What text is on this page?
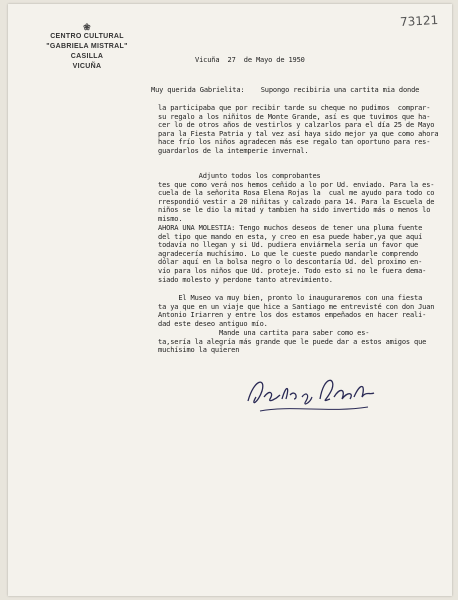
73121
❀
CENTRO CULTURAL
"GABRIELA MISTRAL"
CASILLA
VICUÑA
Vicuña  27  de Mayo de 1950
Muy querida Gabrielita:    Supongo recibiria una cartita mia donde
la participaba que por recibir tarde su cheque no pudimos  comprar-
su regalo a los niñitos de Monte Grande, así es que tuvimos que ha-
cer lo de otros años de vestirlos y calzarlos para el día 25 de Mayo
para la Fiesta Patria y tal vez así haya sido mejor ya que como ahora
hace frío los niños agradecen más ese regalo tan oportuno para res-
guardarlos de la intemperie invernal.
Adjunto todos los comprobantes
tes que como verá nos hemos ceñido a lo por Ud. enviado. Para la es-
cuela de la señorita Rosa Elena Rojas la  cual me ayudo para todo co
rrespondió vestir a 20 niñitas y calzado para 14. Para la Escuela de
niños se le dio la mitad y tambien ha sido invertido más o menos lo
mismo.
AHORA UNA MOLESTIA: Tengo muchos deseos de tener una pluma fuente
del tipo que mando en esta, y creo en esa puede haber,ya que aquí
todavía no llegan y si Ud. pudiera enviármela sería un favor que
agradecería muchísimo. Lo que le cueste puedo mandarle comprendo
dólar aquí en la bolsa negro o lo descontaría Ud. del proximo en-
vío para los niños que Ud. proteje. Todo esto si no le fuera dema-
siado molesto y perdone tanto atrevimiento.
El Museo va muy bien, pronto lo inauguraremos con una fiesta
ta ya que en un viaje que hice a Santiago me entrevisté con don Juan
Antonio Iriarren y entre los dos estamos empeñados en hacer reali-
dad este deseo antiguo mío.
Mande una cartita para saber como es-
ta,sería la alegría más grande que le puede dar a estos amigos que
muchísimo la quieren
